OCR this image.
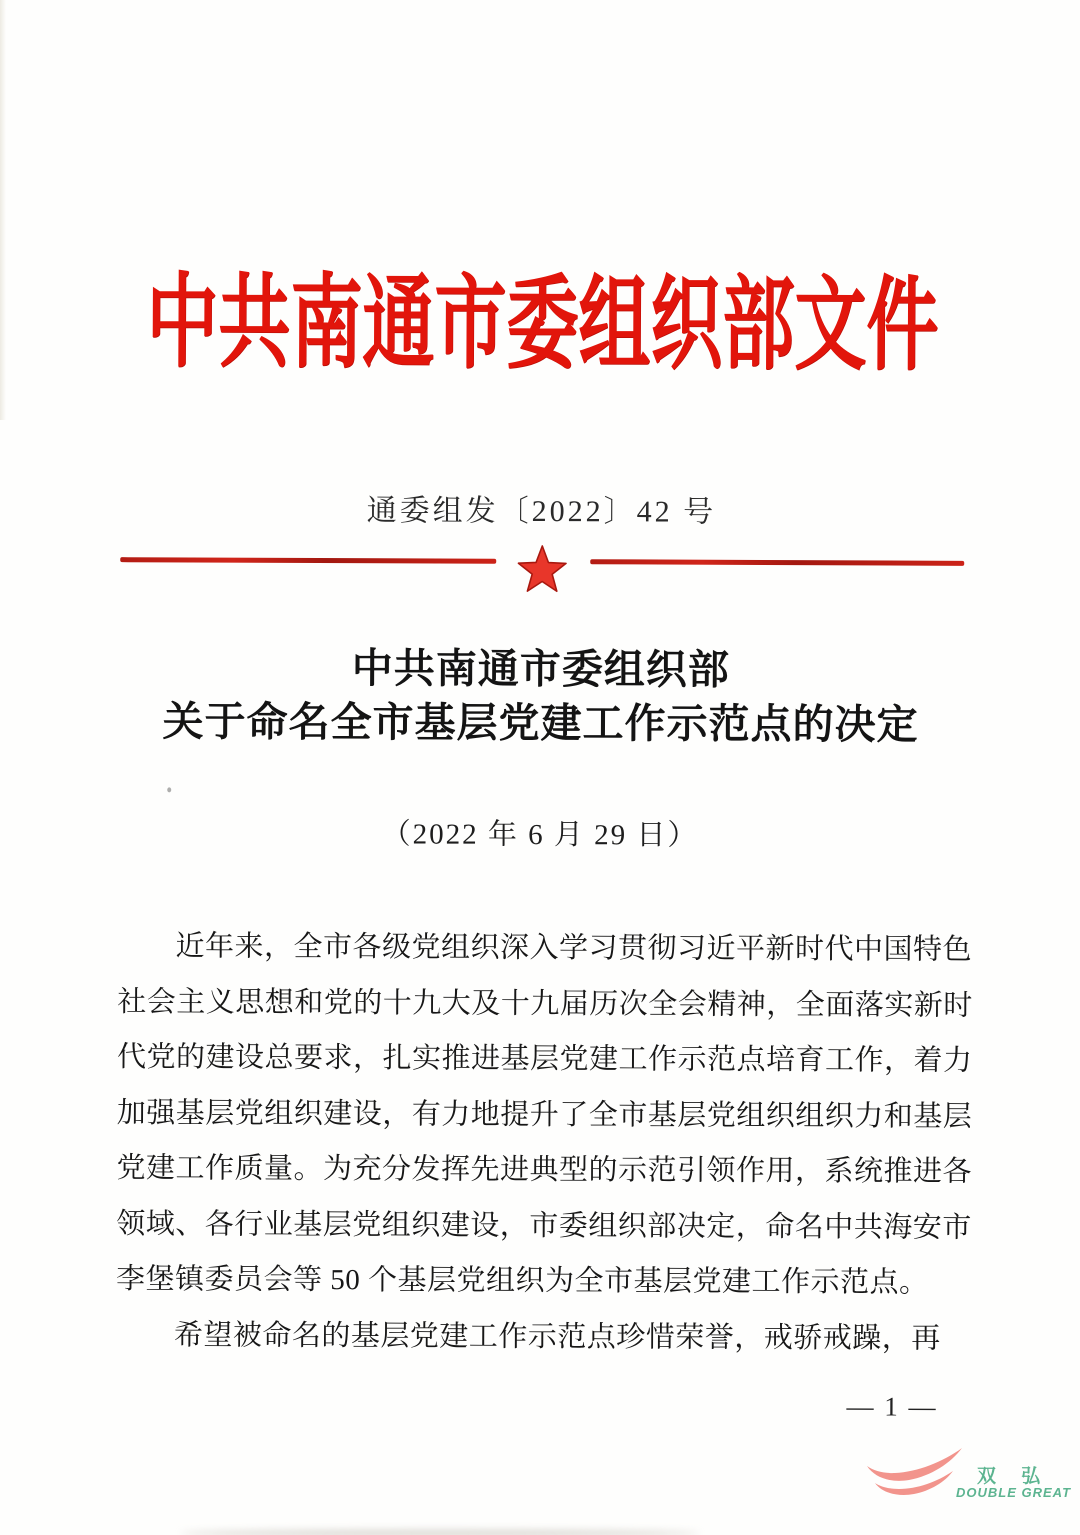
中共南通市委组织部文件
通委组发〔2022〕42 号
中共南通市委组织部
关于命名全市基层党建工作示范点的决定
（2022 年 6 月 29 日）
近年来，全市各级党组织深入学习贯彻习近平新时代中国特色
社会主义思想和党的十九大及十九届历次全会精神，全面落实新时
代党的建设总要求，扎实推进基层党建工作示范点培育工作，着力
加强基层党组织建设，有力地提升了全市基层党组织组织力和基层
党建工作质量。为充分发挥先进典型的示范引领作用，系统推进各
领域、各行业基层党组织建设，市委组织部决定，命名中共海安市
李堡镇委员会等 50 个基层党组织为全市基层党建工作示范点。
希望被命名的基层党建工作示范点珍惜荣誉，戒骄戒躁，再
— 1 —
双 弘
DOUBLE GREAT
